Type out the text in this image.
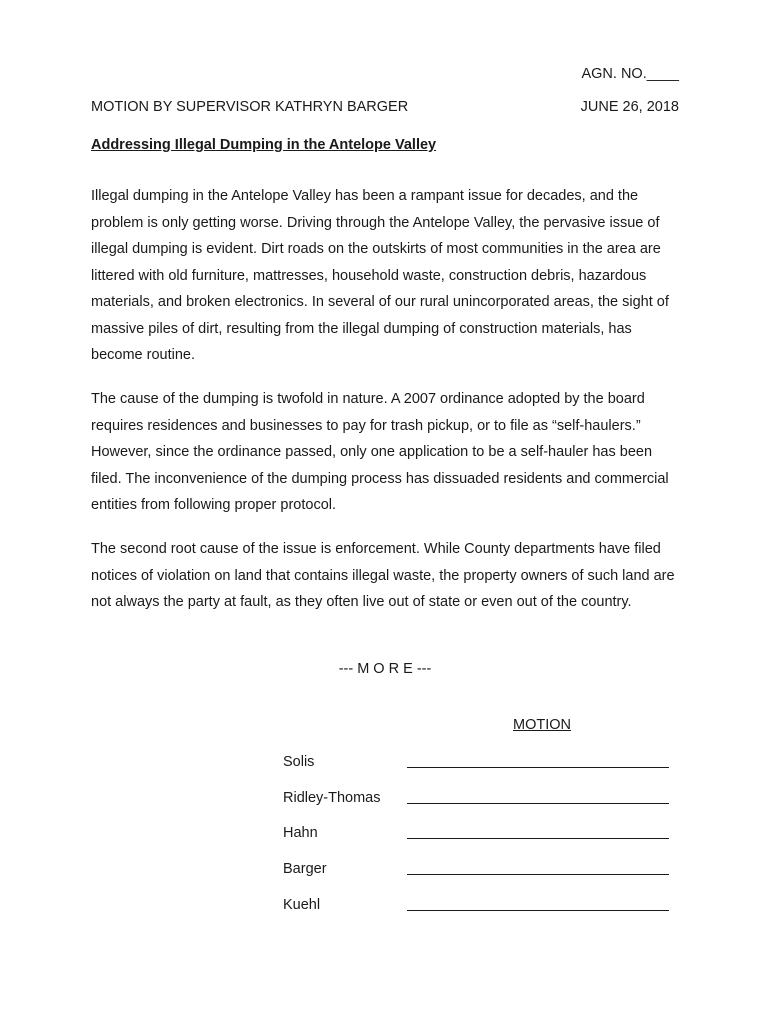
AGN. NO.____
MOTION BY SUPERVISOR KATHRYN BARGER	JUNE 26, 2018
Addressing Illegal Dumping in the Antelope Valley

Illegal dumping in the Antelope Valley has been a rampant issue for decades, and the problem is only getting worse. Driving through the Antelope Valley, the pervasive issue of illegal dumping is evident. Dirt roads on the outskirts of most communities in the area are littered with old furniture, mattresses, household waste, construction debris, hazardous materials, and broken electronics. In several of our rural unincorporated areas, the sight of massive piles of dirt, resulting from the illegal dumping of construction materials, has become routine.

The cause of the dumping is twofold in nature. A 2007 ordinance adopted by the board requires residences and businesses to pay for trash pickup, or to file as “self-haulers.” However, since the ordinance passed, only one application to be a self-hauler has been filed. The inconvenience of the dumping process has dissuaded residents and commercial entities from following proper protocol.

The second root cause of the issue is enforcement. While County departments have filed notices of violation on land that contains illegal waste, the property owners of such land are not always the party at fault, as they often live out of state or even out of the country.

--- M O R E ---
MOTION
Solis
Ridley-Thomas
Hahn
Barger
Kuehl
